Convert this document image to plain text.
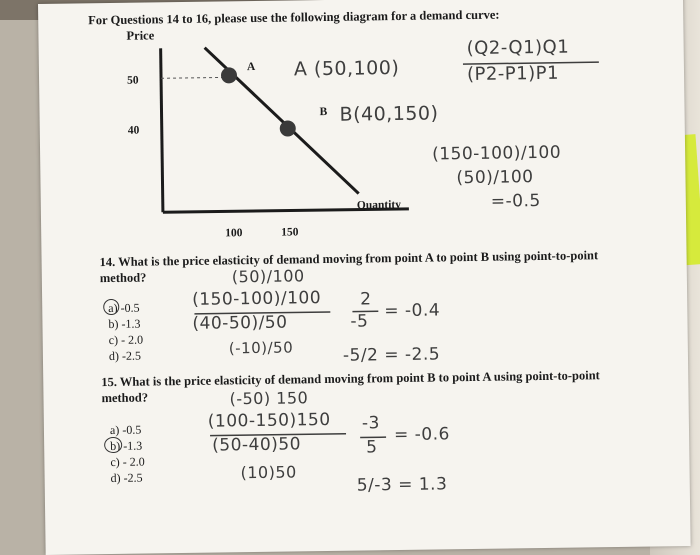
For Questions 14 to 16, please use the following diagram for a demand curve:
Price
A
B
50
40
Quantity
100	150
A (50,100)
B(40,150)
(Q2-Q1)Q1
(P2-P1)P1
(150-100)/100
(50)/100
=-0.5
14. What is the price elasticity of demand moving from point A to point B using point-to-point
method?	(50)/100
a) -0.5
b) -1.3
c) - 2.0
d) -2.5
(150-100)/100
(40-50)/50
(-10)/50
2
-5
= -0.4
-5/2 = -2.5
15. What is the price elasticity of demand moving from point B to point A using point-to-point
method?	(-50) 150
a) -0.5
b) -1.3
c) - 2.0
d) -2.5
(100-150)150
(50-40)50
(10)50
-3
5
= -0.6
5/-3 = 1.3
